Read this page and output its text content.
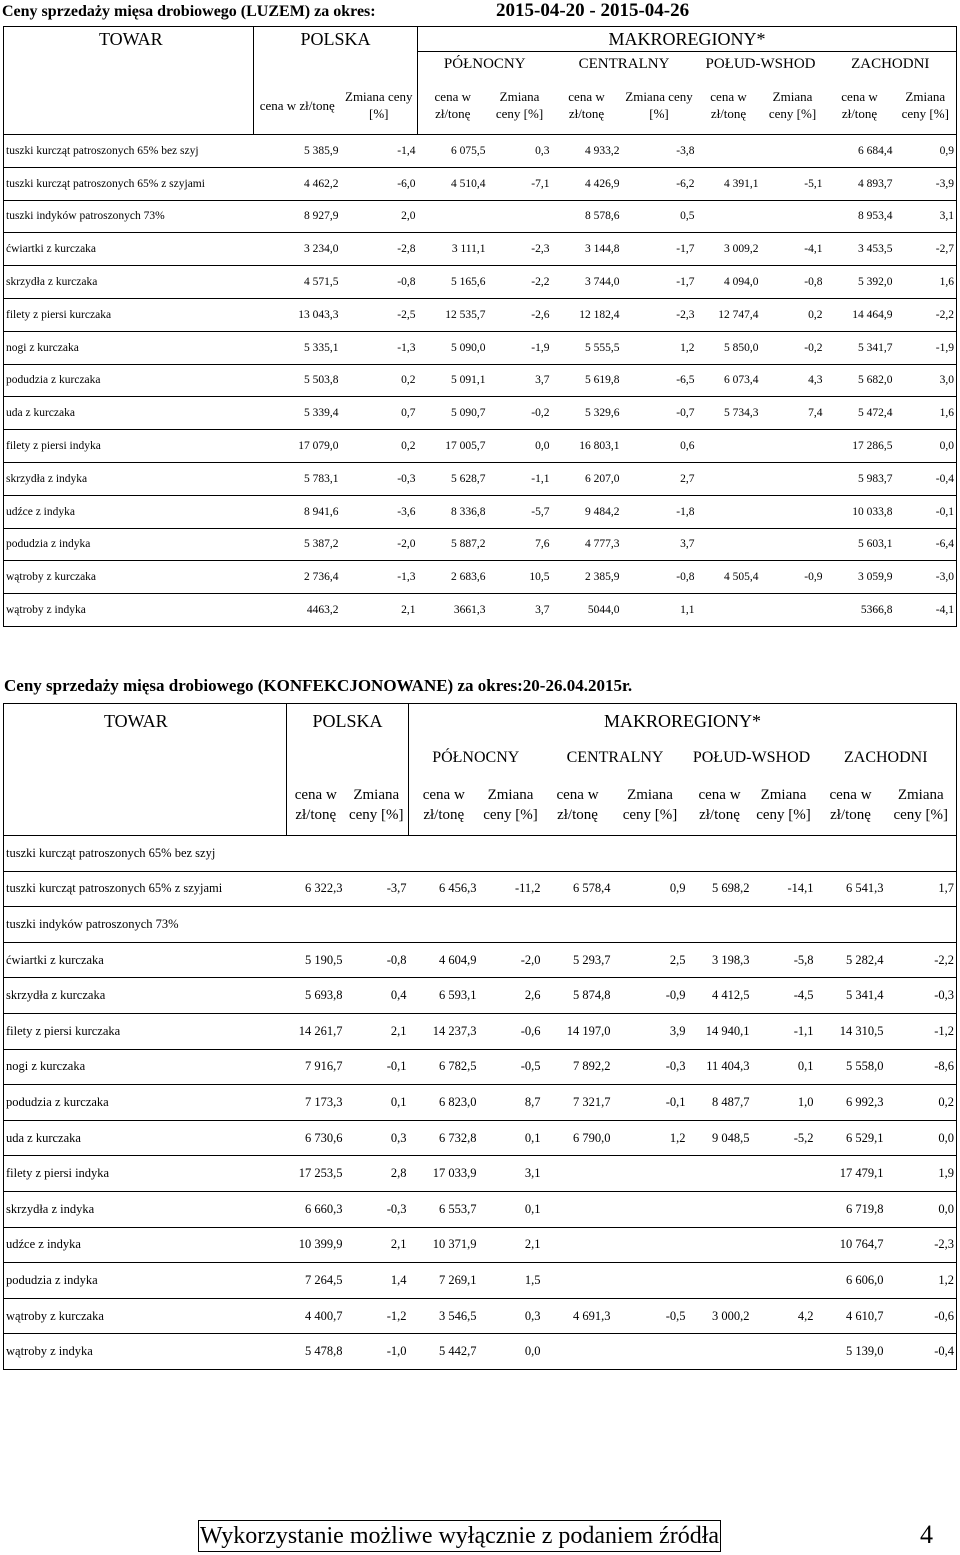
Ceny sprzedaży mięsa drobiowego (LUZEM) za okres:	2015-04-20 - 2015-04-26
TOWAR	POLSKA		MAKROREGIONY*							
			PÓŁNOCNY		CENTRALNY		POŁUD-WSHOD		ZACHODNI	
	cena w zł/tonę	Zmiana ceny [%]	cena w zł/tonę	Zmiana ceny [%]	cena w zł/tonę	Zmiana ceny [%]	cena w zł/tonę	Zmiana ceny [%]	cena w zł/tonę	Zmiana ceny [%]
tuszki kurcząt patroszonych 65% bez szyj	5 385,9	-1,4	6 075,5	0,3	4 933,2	-3,8			6 684,4	0,9
tuszki kurcząt patroszonych 65% z szyjami	4 462,2	-6,0	4 510,4	-7,1	4 426,9	-6,2	4 391,1	-5,1	4 893,7	-3,9
tuszki indyków patroszonych 73%	8 927,9	2,0			8 578,6	0,5			8 953,4	3,1
ćwiartki z kurczaka	3 234,0	-2,8	3 111,1	-2,3	3 144,8	-1,7	3 009,2	-4,1	3 453,5	-2,7
skrzydła z kurczaka	4 571,5	-0,8	5 165,6	-2,2	3 744,0	-1,7	4 094,0	-0,8	5 392,0	1,6
filety z piersi kurczaka	13 043,3	-2,5	12 535,7	-2,6	12 182,4	-2,3	12 747,4	0,2	14 464,9	-2,2
nogi z kurczaka	5 335,1	-1,3	5 090,0	-1,9	5 555,5	1,2	5 850,0	-0,2	5 341,7	-1,9
podudzia z kurczaka	5 503,8	0,2	5 091,1	3,7	5 619,8	-6,5	6 073,4	4,3	5 682,0	3,0
uda z kurczaka	5 339,4	0,7	5 090,7	-0,2	5 329,6	-0,7	5 734,3	7,4	5 472,4	1,6
filety z piersi indyka	17 079,0	0,2	17 005,7	0,0	16 803,1	0,6			17 286,5	0,0
skrzydła z indyka	5 783,1	-0,3	5 628,7	-1,1	6 207,0	2,7			5 983,7	-0,4
udźce z indyka	8 941,6	-3,6	8 336,8	-5,7	9 484,2	-1,8			10 033,8	-0,1
podudzia z indyka	5 387,2	-2,0	5 887,2	7,6	4 777,3	3,7			5 603,1	-6,4
wątroby z kurczaka	2 736,4	-1,3	2 683,6	10,5	2 385,9	-0,8	4 505,4	-0,9	3 059,9	-3,0
wątroby z indyka	4463,2	2,1	3661,3	3,7	5044,0	1,1			5366,8	-4,1
Ceny sprzedaży mięsa drobiowego (KONFEKCJONOWANE) za okres:20-26.04.2015r.
TOWAR	POLSKA		MAKROREGIONY*							
			PÓŁNOCNY		CENTRALNY		POŁUD-WSHOD		ZACHODNI	
	cena w zł/tonę	Zmiana ceny [%]	cena w zł/tonę	Zmiana ceny [%]	cena w zł/tonę	Zmiana ceny [%]	cena w zł/tonę	Zmiana ceny [%]	cena w zł/tonę	Zmiana ceny [%]
tuszki kurcząt patroszonych 65% bez szyj										
tuszki kurcząt patroszonych 65% z szyjami	6 322,3	-3,7	6 456,3	-11,2	6 578,4	0,9	5 698,2	-14,1	6 541,3	1,7
tuszki indyków patroszonych 73%										
ćwiartki z kurczaka	5 190,5	-0,8	4 604,9	-2,0	5 293,7	2,5	3 198,3	-5,8	5 282,4	-2,2
skrzydła z kurczaka	5 693,8	0,4	6 593,1	2,6	5 874,8	-0,9	4 412,5	-4,5	5 341,4	-0,3
filety z piersi kurczaka	14 261,7	2,1	14 237,3	-0,6	14 197,0	3,9	14 940,1	-1,1	14 310,5	-1,2
nogi z kurczaka	7 916,7	-0,1	6 782,5	-0,5	7 892,2	-0,3	11 404,3	0,1	5 558,0	-8,6
podudzia z kurczaka	7 173,3	0,1	6 823,0	8,7	7 321,7	-0,1	8 487,7	1,0	6 992,3	0,2
uda z kurczaka	6 730,6	0,3	6 732,8	0,1	6 790,0	1,2	9 048,5	-5,2	6 529,1	0,0
filety z piersi indyka	17 253,5	2,8	17 033,9	3,1					17 479,1	1,9
skrzydła z indyka	6 660,3	-0,3	6 553,7	0,1					6 719,8	0,0
udźce z indyka	10 399,9	2,1	10 371,9	2,1					10 764,7	-2,3
podudzia z indyka	7 264,5	1,4	7 269,1	1,5					6 606,0	1,2
wątroby z kurczaka	4 400,7	-1,2	3 546,5	0,3	4 691,3	-0,5	3 000,2	4,2	4 610,7	-0,6
wątroby z indyka	5 478,8	-1,0	5 442,7	0,0					5 139,0	-0,4
Wykorzystanie możliwe wyłącznie z podaniem źródła	4
